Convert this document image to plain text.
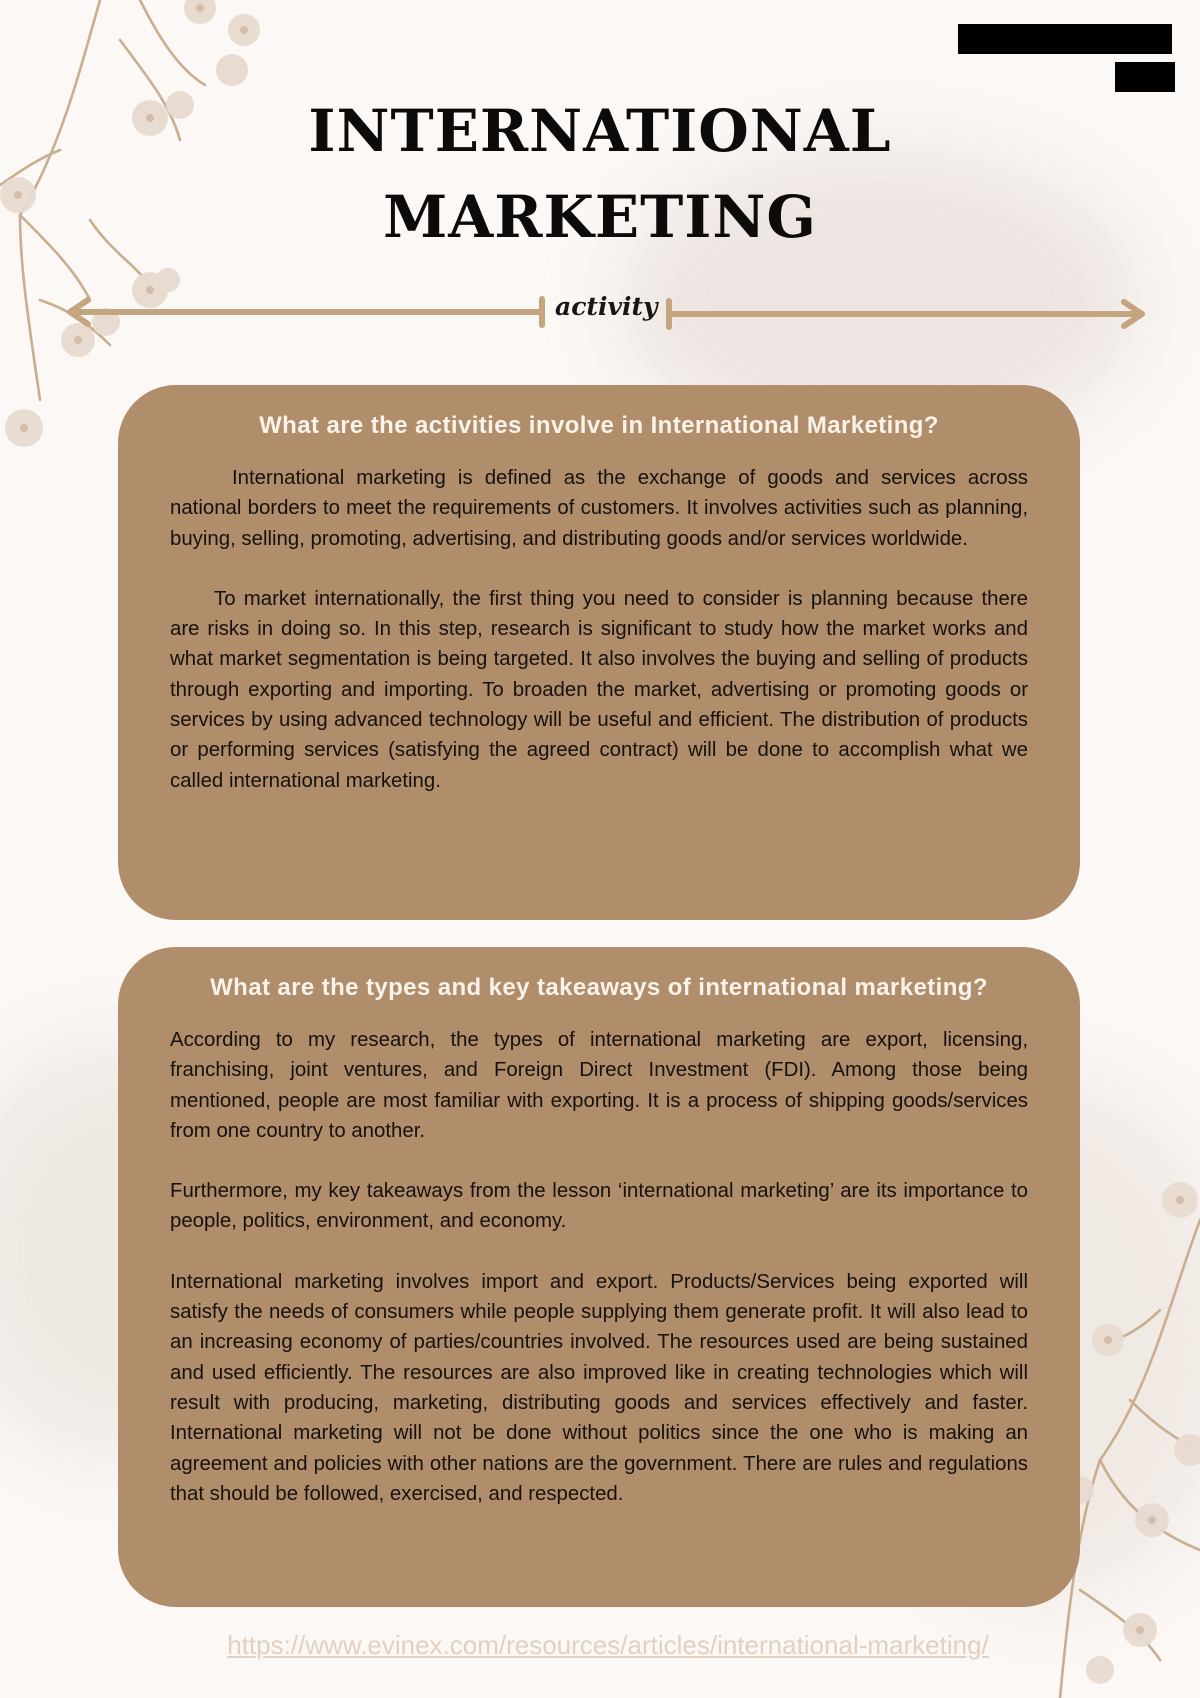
INTERNATIONAL
MARKETING
activity
What are the activities involve in International Marketing?

International marketing is defined as the exchange of goods and services across national borders to meet the requirements of customers. It involves activities such as planning, buying, selling, promoting, advertising, and distributing goods and/or services worldwide.

To market internationally, the first thing you need to consider is planning because there are risks in doing so. In this step, research is significant to study how the market works and what market segmentation is being targeted. It also involves the buying and selling of products through exporting and importing. To broaden the market, advertising or promoting goods or services by using advanced technology will be useful and efficient. The distribution of products or performing services (satisfying the agreed contract) will be done to accomplish what we called international marketing.

What are the types and key takeaways of international marketing?

According to my research, the types of international marketing are export, licensing, franchising, joint ventures, and Foreign Direct Investment (FDI). Among those being mentioned, people are most familiar with exporting. It is a process of shipping goods/services from one country to another.

Furthermore, my key takeaways from the lesson ‘international marketing’ are its importance to people, politics, environment, and economy.

International marketing involves import and export. Products/Services being exported will satisfy the needs of consumers while people supplying them generate profit. It will also lead to an increasing economy of parties/countries involved. The resources used are being sustained and used efficiently. The resources are also improved like in creating technologies which will result with producing, marketing, distributing goods and services effectively and faster. International marketing will not be done without politics since the one who is making an agreement and policies with other nations are the government. There are rules and regulations that should be followed, exercised, and respected.

https://www.evinex.com/resources/articles/international-marketing/
